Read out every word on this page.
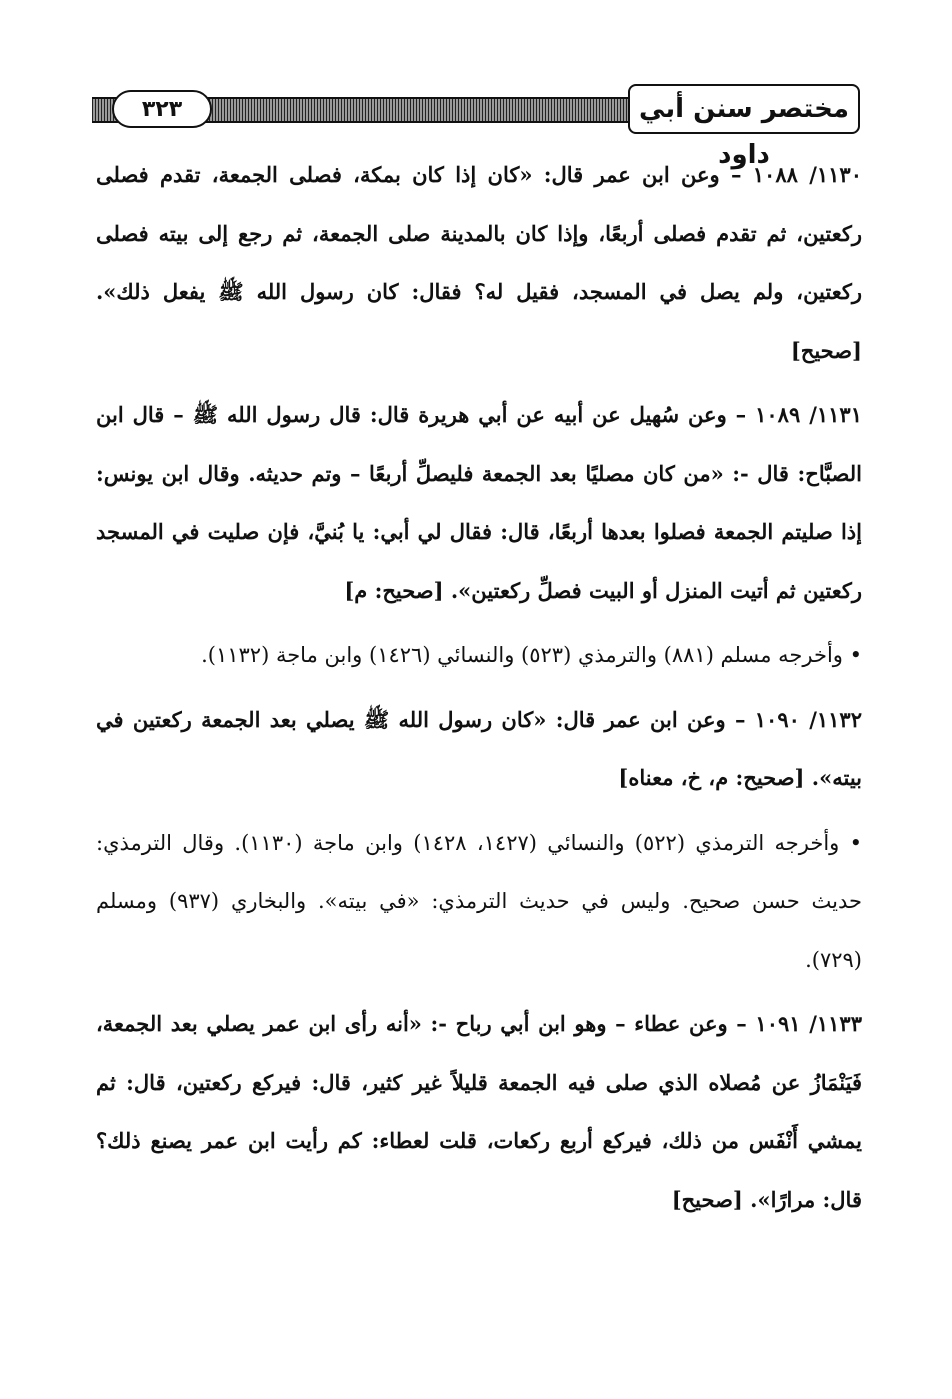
٣٢٣	مختصر سنن أبي داود

١١٣٠/ ١٠٨٨ – وعن ابن عمر قال: «كان إذا كان بمكة، فصلى الجمعة، تقدم فصلى ركعتين، ثم تقدم فصلى أربعًا، وإذا كان بالمدينة صلى الجمعة، ثم رجع إلى بيته فصلى ركعتين، ولم يصل في المسجد، فقيل له؟ فقال: كان رسول الله ﷺ يفعل ذلك». [صحيح]

١١٣١/ ١٠٨٩ – وعن سُهيل عن أبيه عن أبي هريرة قال: قال رسول الله ﷺ – قال ابن الصبَّاح: قال -: «من كان مصليًا بعد الجمعة فليصلِّ أربعًا – وتم حديثه. وقال ابن يونس: إذا صليتم الجمعة فصلوا بعدها أربعًا، قال: فقال لي أبي: يا بُنيَّ، فإن صليت في المسجد ركعتين ثم أتيت المنزل أو البيت فصلِّ ركعتين». [صحيح: م]

• وأخرجه مسلم (٨٨١) والترمذي (٥٢٣) والنسائي (١٤٢٦) وابن ماجة (١١٣٢).

١١٣٢/ ١٠٩٠ – وعن ابن عمر قال: «كان رسول الله ﷺ يصلي بعد الجمعة ركعتين في بيته». [صحيح: م، خ، معناه]

• وأخرجه الترمذي (٥٢٢) والنسائي (١٤٢٧، ١٤٢٨) وابن ماجة (١١٣٠). وقال الترمذي: حديث حسن صحيح. وليس في حديث الترمذي: «في بيته». والبخاري (٩٣٧) ومسلم (٧٢٩).

١١٣٣/ ١٠٩١ – وعن عطاء – وهو ابن أبي رباح -: «أنه رأى ابن عمر يصلي بعد الجمعة، فَيَنْمَازُ عن مُصلاه الذي صلى فيه الجمعة قليلاً غير كثير، قال: فيركع ركعتين، قال: ثم يمشي أَنْفَس من ذلك، فيركع أربع ركعات، قلت لعطاء: كم رأيت ابن عمر يصنع ذلك؟ قال: مرارًا». [صحيح]
